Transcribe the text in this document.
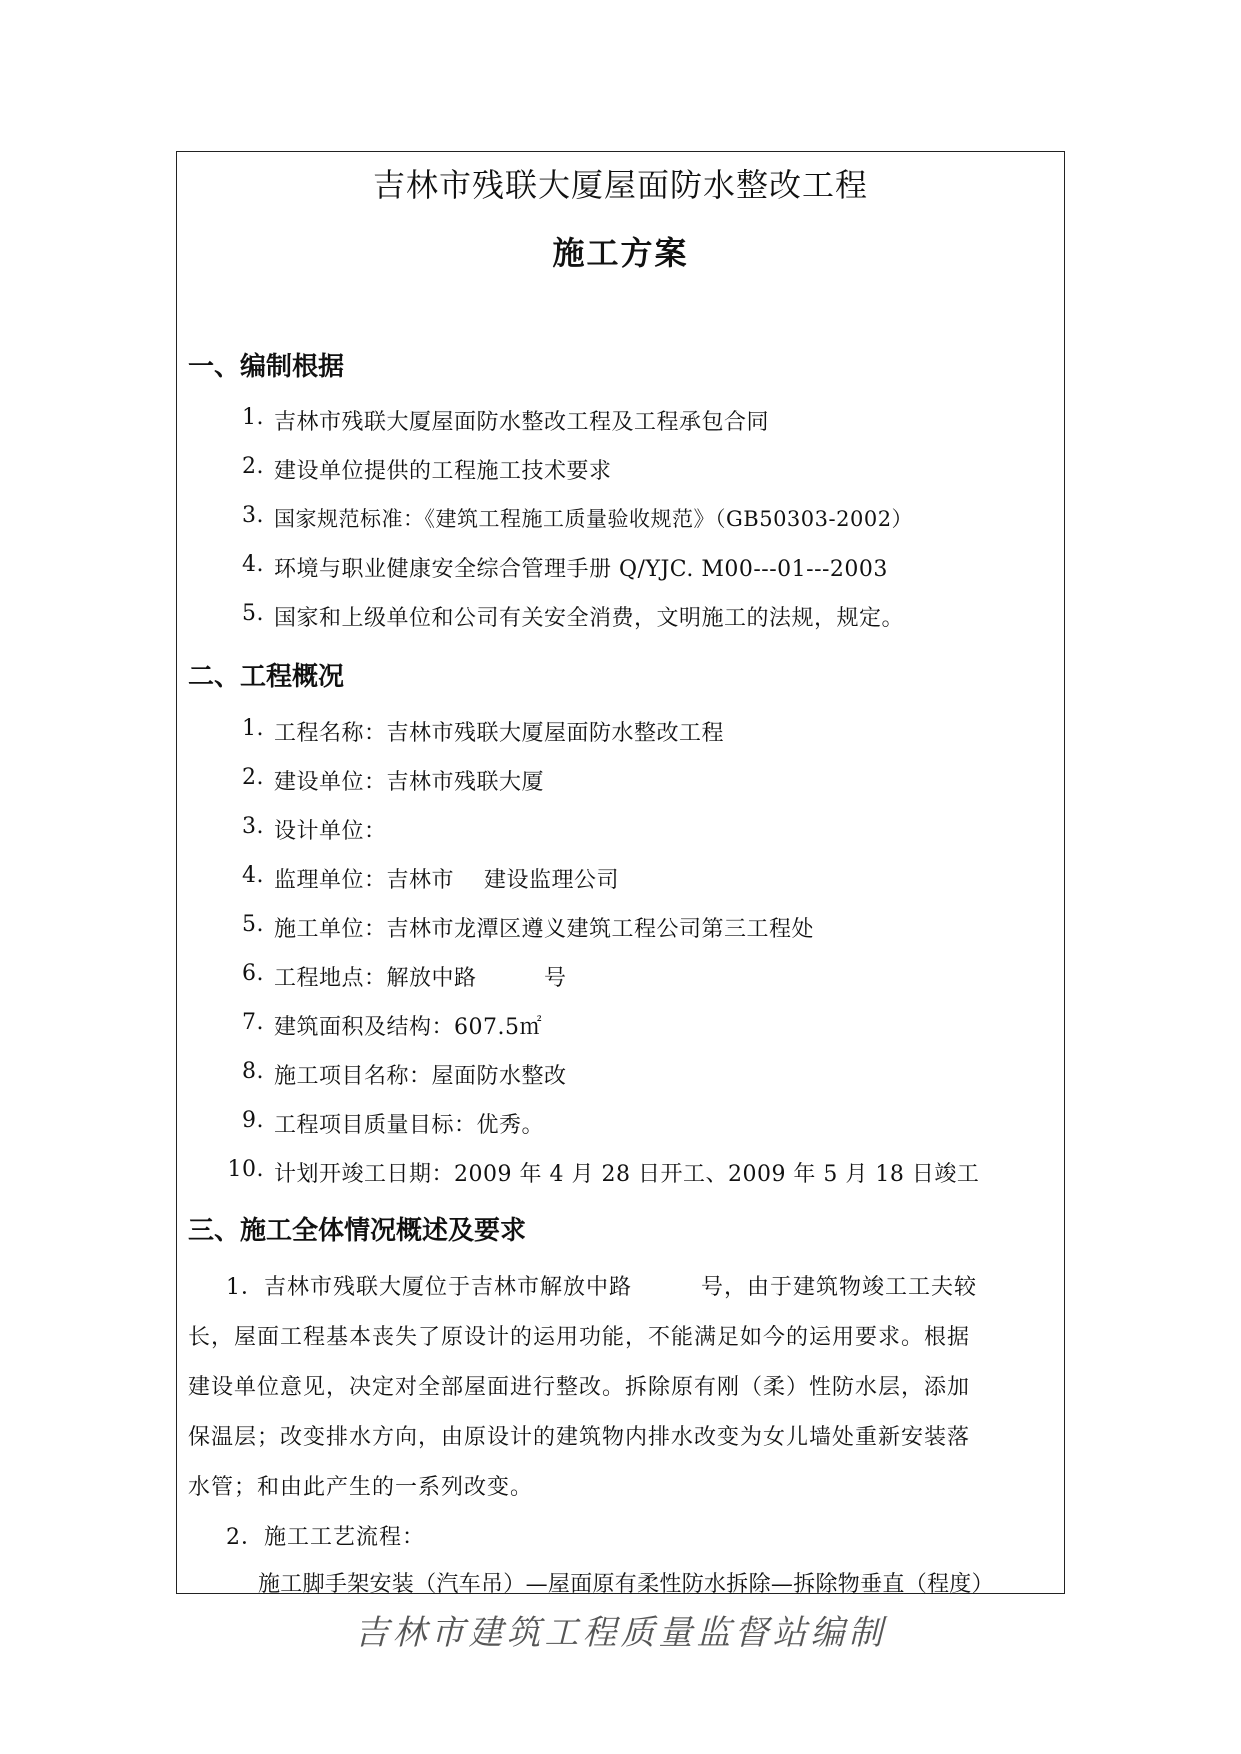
吉林市残联大厦屋面防水整改工程
施工方案
一、编制根据
1. 吉林市残联大厦屋面防水整改工程及工程承包合同
2. 建设单位提供的工程施工技术要求
3. 国家规范标准：《建筑工程施工质量验收规范》（GB50303-2002）
4. 环境与职业健康安全综合管理手册 Q/YJC. M00---01---2003
5. 国家和上级单位和公司有关安全消费，文明施工的法规，规定。
二、工程概况
1. 工程名称：吉林市残联大厦屋面防水整改工程
2. 建设单位：吉林市残联大厦
3. 设计单位：
4. 监理单位：吉林市　 建设监理公司
5. 施工单位：吉林市龙潭区遵义建筑工程公司第三工程处
6. 工程地点：解放中路　　　号
7. 建筑面积及结构：607.5㎡
8. 施工项目名称：屋面防水整改
9. 工程项目质量目标：优秀。
10. 计划开竣工日期：2009 年 4 月 28 日开工、2009 年 5 月 18 日竣工
三、施工全体情况概述及要求
1．吉林市残联大厦位于吉林市解放中路　　　号，由于建筑物竣工工夫较
长，屋面工程基本丧失了原设计的运用功能，不能满足如今的运用要求。根据
建设单位意见，决定对全部屋面进行整改。拆除原有刚（柔）性防水层，添加
保温层；改变排水方向，由原设计的建筑物内排水改变为女儿墙处重新安装落
水管；和由此产生的一系列改变。
2．施工工艺流程：
施工脚手架安装（汽车吊）—屋面原有柔性防水拆除—拆除物垂直（程度）
吉林市建筑工程质量监督站编制
